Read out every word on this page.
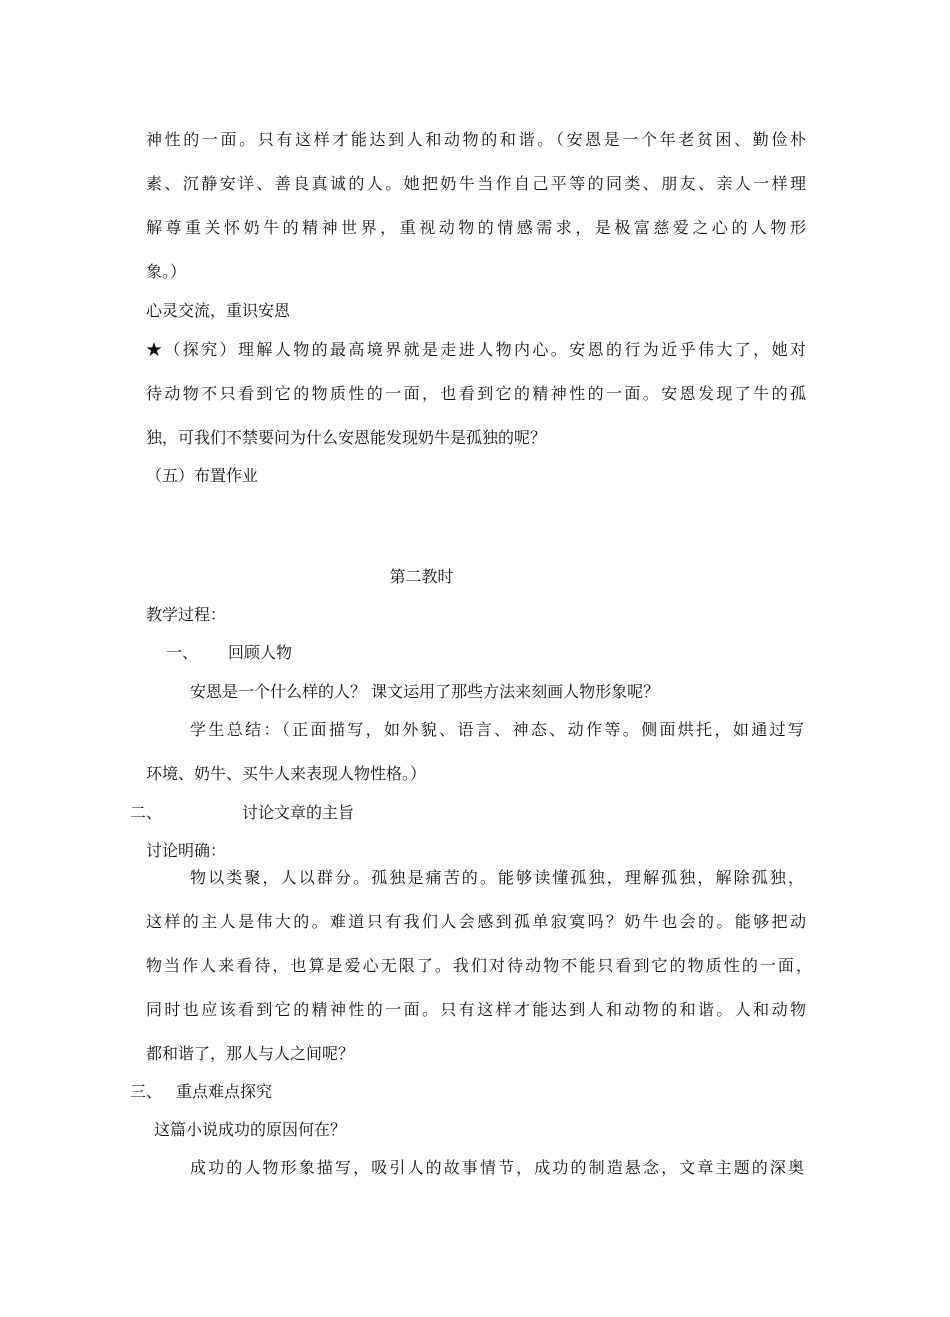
神性的一面。只有这样才能达到人和动物的和谐。（安恩是一个年老贫困、勤俭朴
素、沉静安详、善良真诚的人。她把奶牛当作自己平等的同类、朋友、亲人一样理
解尊重关怀奶牛的精神世界，重视动物的情感需求，是极富慈爱之心的人物形
象。）
心灵交流，重识安恩
★（探究）理解人物的最高境界就是走进人物内心。安恩的行为近乎伟大了，她对
待动物不只看到它的物质性的一面，也看到它的精神性的一面。安恩发现了牛的孤
独，可我们不禁要问为什么安恩能发现奶牛是孤独的呢？
（五）布置作业
第二教时
教学过程：
一、 回顾人物
安恩是一个什么样的人？ 课文运用了那些方法来刻画人物形象呢？
学生总结：（正面描写，如外貌、语言、神态、动作等。侧面烘托，如通过写
环境、奶牛、买牛人来表现人物性格。）
二、	讨论文章的主旨
讨论明确：
物以类聚，人以群分。孤独是痛苦的。能够读懂孤独，理解孤独，解除孤独，
这样的主人是伟大的。难道只有我们人会感到孤单寂寞吗？奶牛也会的。能够把动
物当作人来看待，也算是爱心无限了。我们对待动物不能只看到它的物质性的一面，
同时也应该看到它的精神性的一面。只有这样才能达到人和动物的和谐。人和动物
都和谐了，那人与人之间呢？
三、 重点难点探究
这篇小说成功的原因何在？
成功的人物形象描写，吸引人的故事情节，成功的制造悬念，文章主题的深奥
